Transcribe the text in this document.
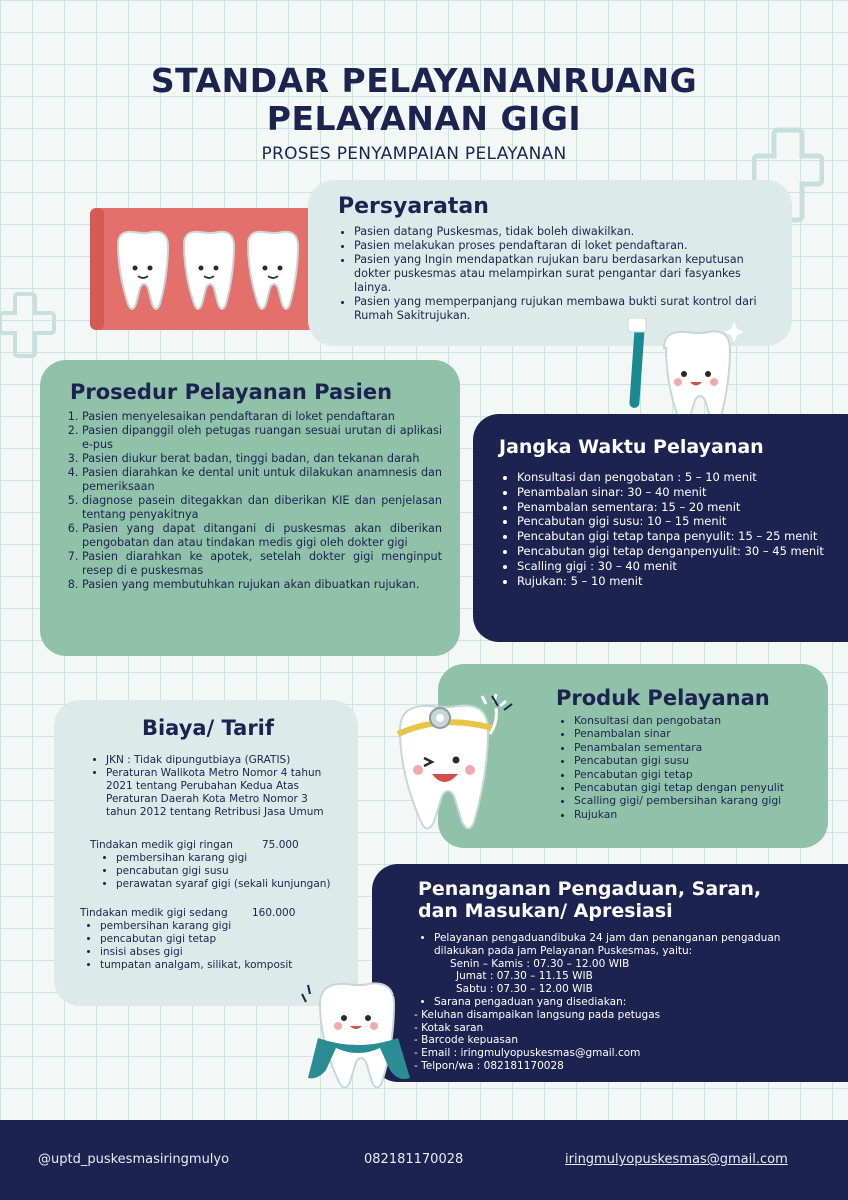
STANDAR PELAYANANRUANG
PELAYANAN GIGI
PROSES PENYAMPAIAN PELAYANAN
Persyaratan
• Pasien datang Puskesmas, tidak boleh diwakilkan.
• Pasien melakukan proses pendaftaran di loket pendaftaran.
• Pasien yang Ingin mendapatkan rujukan baru berdasarkan keputusan dokter puskesmas atau melampirkan surat pengantar dari fasyankes lainya.
• Pasien yang memperpanjang rujukan membawa bukti surat kontrol dari Rumah Sakitrujukan.
Prosedur Pelayanan Pasien
1. Pasien menyelesaikan pendaftaran di loket pendaftaran
2. Pasien dipanggil oleh petugas ruangan sesuai urutan di aplikasi e-pus
3. Pasien diukur berat badan, tinggi badan, dan tekanan darah
4. Pasien diarahkan ke dental unit untuk dilakukan anamnesis dan pemeriksaan
5. diagnose pasein ditegakkan dan diberikan KIE dan penjelasan tentang penyakitnya
6. Pasien yang dapat ditangani di puskesmas akan diberikan pengobatan dan atau tindakan medis gigi oleh dokter gigi
7. Pasien diarahkan ke apotek, setelah dokter gigi menginput resep di e puskesmas
8. Pasien yang membutuhkan rujukan akan dibuatkan rujukan.
Jangka Waktu Pelayanan
• Konsultasi dan pengobatan : 5 – 10 menit
• Penambalan sinar: 30 – 40 menit
• Penambalan sementara: 15 – 20 menit
• Pencabutan gigi susu: 10 – 15 menit
• Pencabutan gigi tetap tanpa penyulit: 15 – 25 menit
• Pencabutan gigi tetap denganpenyulit: 30 – 45 menit
• Scalling gigi : 30 – 40 menit
• Rujukan: 5 – 10 menit
Produk Pelayanan
• Konsultasi dan pengobatan
• Penambalan sinar
• Penambalan sementara
• Pencabutan gigi susu
• Pencabutan gigi tetap
• Pencabutan gigi tetap dengan penyulit
• Scalling gigi/ pembersihan karang gigi
• Rujukan
Biaya/ Tarif
• JKN : Tidak dipungutbiaya (GRATIS)
• Peraturan Walikota Metro Nomor 4 tahun 2021 tentang Perubahan Kedua Atas Peraturan Daerah Kota Metro Nomor 3 tahun 2012 tentang Retribusi Jasa Umum
Tindakan medik gigi ringan	75.000
• pembersihan karang gigi
• pencabutan gigi susu
• perawatan syaraf gigi (sekali kunjungan)
Tindakan medik gigi sedang	160.000
• pembersihan karang gigi
• pencabutan gigi tetap
• insisi abses gigi
• tumpatan analgam, silikat, komposit
Penanganan Pengaduan, Saran,
dan Masukan/ Apresiasi
• Pelayanan pengaduandibuka 24 jam dan penanganan pengaduan dilakukan pada jam Pelayanan Puskesmas, yaitu:
Senin – Kamis : 07.30 – 12.00 WIB
Jumat : 07.30 – 11.15 WIB
Sabtu : 07.30 – 12.00 WIB
• Sarana pengaduan yang disediakan:
- Keluhan disampaikan langsung pada petugas
- Kotak saran
- Barcode kepuasan
- Email : iringmulyopuskesmas@gmail.com
- Telpon/wa : 082181170028
@uptd_puskesmasiringmulyo	082181170028	iringmulyopuskesmas@gmail.com
